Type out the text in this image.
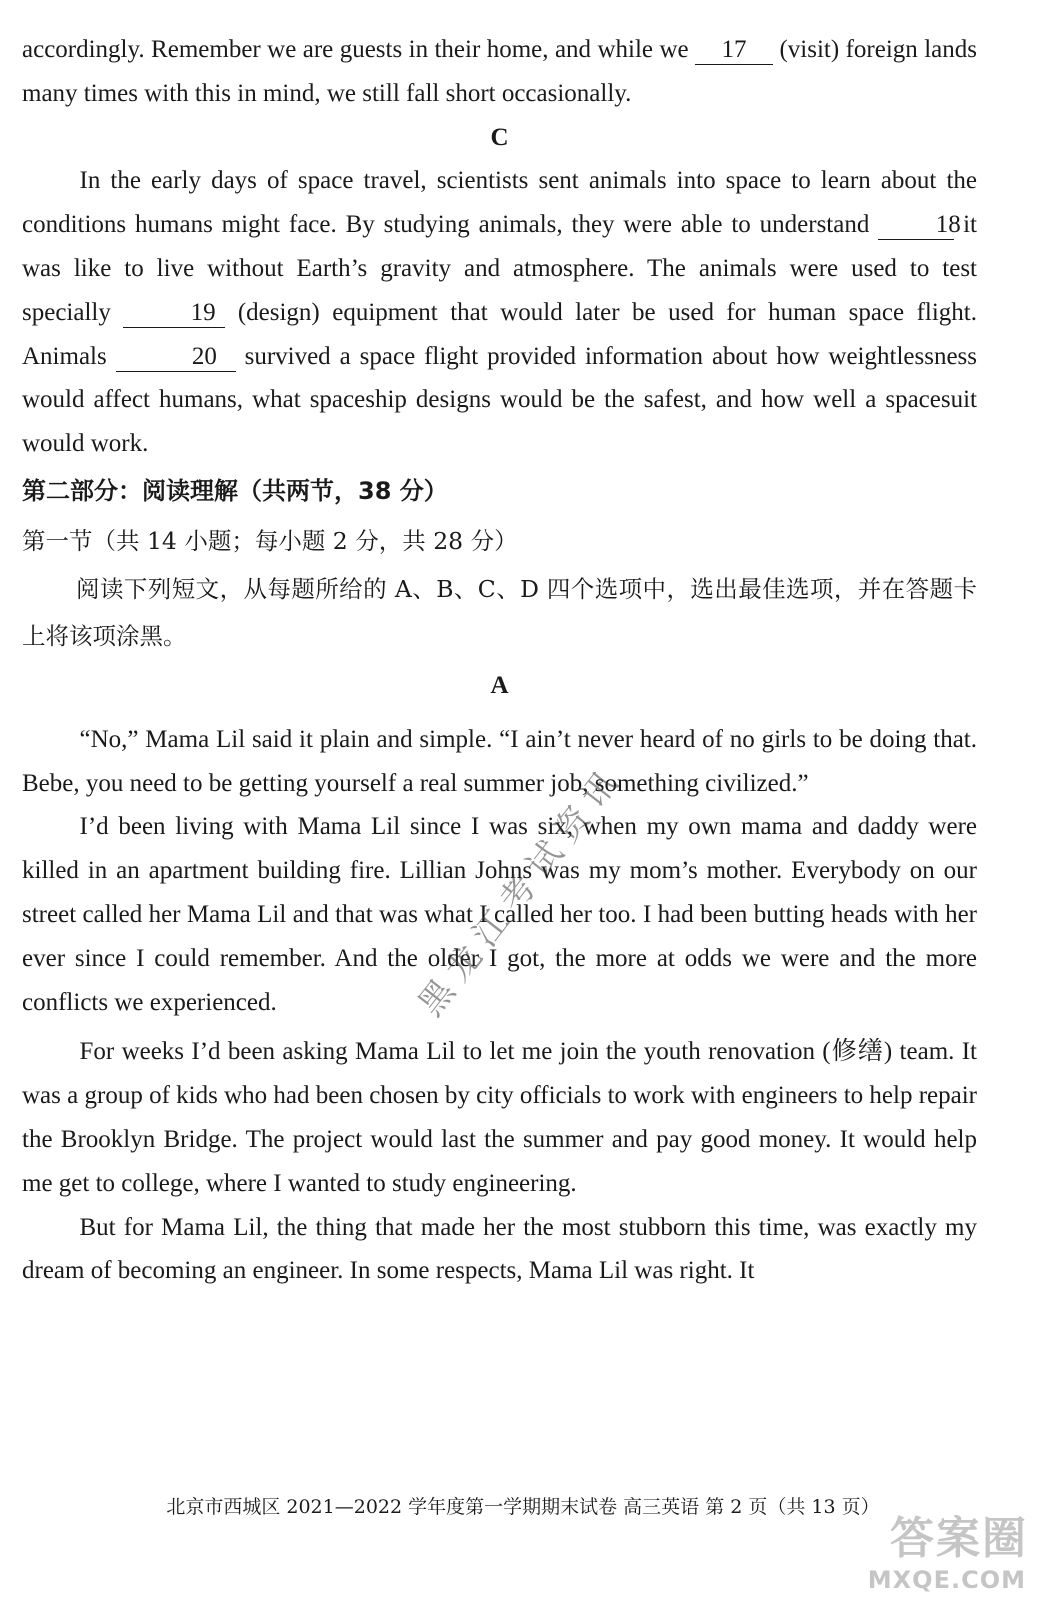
accordingly. Remember we are guests in their home, and while we 17 (visit) foreign lands many times with this in mind, we still fall short occasionally.

C

In the early days of space travel, scientists sent animals into space to learn about the conditions humans might face. By studying animals, they were able to understand 18 it was like to live without Earth’s gravity and atmosphere. The animals were used to test specially	19 (design) equipment that would later be used for human space flight. Animals	20 survived a space flight provided information about how weightlessness would affect humans, what spaceship designs would be the safest, and how well a spacesuit would work.

第二部分：阅读理解（共两节，38 分）

第一节（共 14 小题；每小题 2 分，共 28 分）

阅读下列短文，从每题所给的 A、B、C、D 四个选项中，选出最佳选项，并在答题卡上将该项涂黑。

A

“No,” Mama Lil said it plain and simple. “I ain’t never heard of no girls to be doing that. Bebe, you need to be getting yourself a real summer job, something civilized.”

I’d been living with Mama Lil since I was six, when my own mama and daddy were killed in an apartment building fire. Lillian Johns was my mom’s mother. Everybody on our street called her Mama Lil and that was what I called her too. I had been butting heads with her ever since I could remember. And the older I got, the more at odds we were and the more conflicts we experienced.

For weeks I’d been asking Mama Lil to let me join the youth renovation (修缮) team. It was a group of kids who had been chosen by city officials to work with engineers to help repair the Brooklyn Bridge. The project would last the summer and pay good money. It would help me get to college, where I wanted to study engineering.

But for Mama Lil, the thing that made her the most stubborn this time, was exactly my dream of becoming an engineer. In some respects, Mama Lil was right. It

黑龙江考试资讯
北京市西城区 2021—2022 学年度第一学期期末试卷 高三英语 第 2 页（共 13 页）
答案圈
MXQE.COM
